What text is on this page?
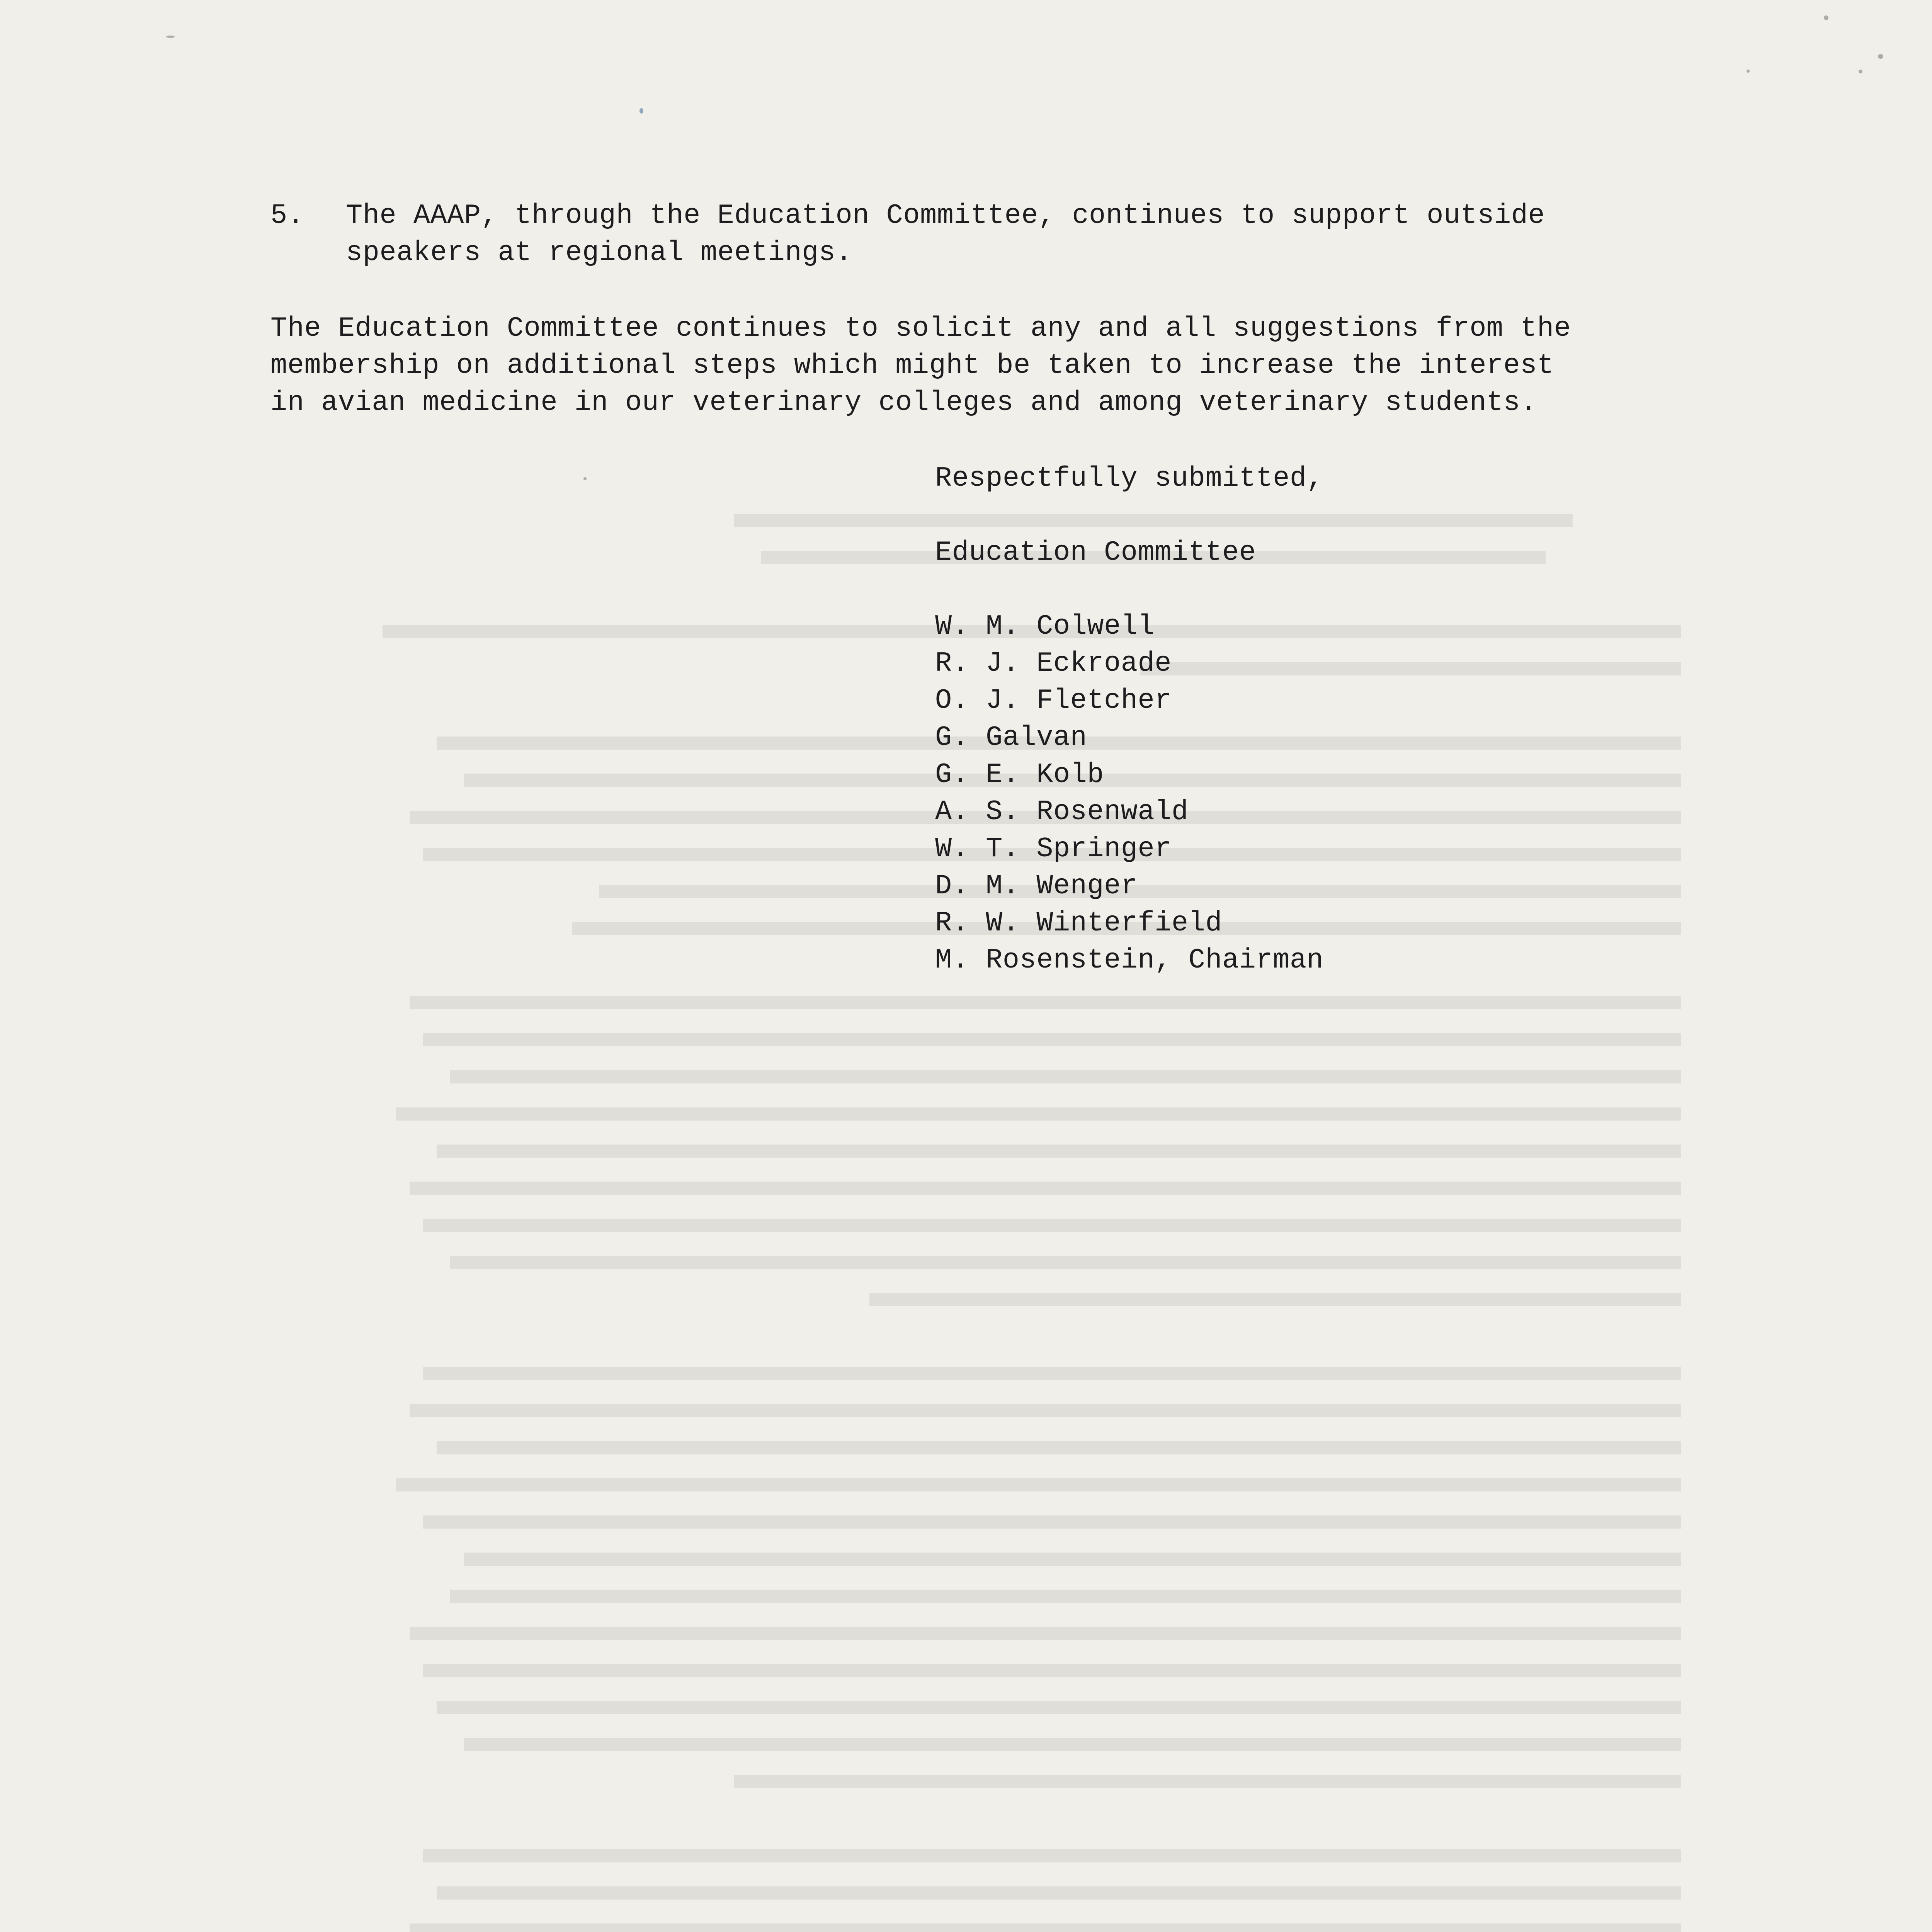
5. The AAAP, through the Education Committee, continues to support outside
speakers at regional meetings.
The Education Committee continues to solicit any and all suggestions from the
membership on additional steps which might be taken to increase the interest
in avian medicine in our veterinary colleges and among veterinary students.
Respectfully submitted,
Education Committee
W. M. Colwell
R. J. Eckroade
O. J. Fletcher
G. Galvan
G. E. Kolb
A. S. Rosenwald
W. T. Springer
D. M. Wenger
R. W. Winterfield
M. Rosenstein, Chairman
